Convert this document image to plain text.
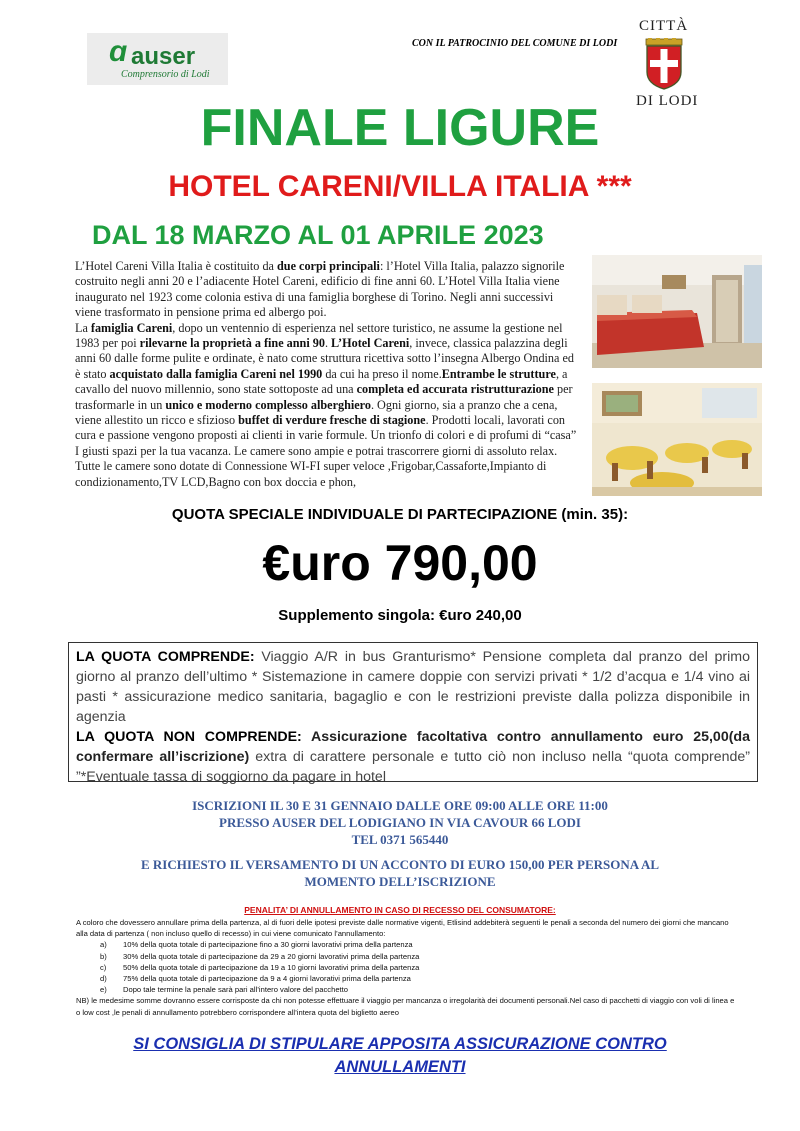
ɑ auser
Comprensorio di Lodi
CON IL PATROCINIO DEL COMUNE DI LODI
CITTÀ
DI LODI
FINALE LIGURE
HOTEL CARENI/VILLA ITALIA ***
DAL 18 MARZO AL 01 APRILE 2023

L’Hotel Careni Villa Italia è costituito da due corpi principali: l’Hotel Villa Italia, palazzo signorile costruito negli anni 20 e l’adiacente Hotel Careni, edificio di fine anni 60. L’Hotel Villa Italia viene inaugurato nel 1923 come colonia estiva di una famiglia borghese di Torino. Negli anni successivi viene trasformato in pensione prima ed albergo poi.

La famiglia Careni, dopo un ventennio di esperienza nel settore turistico, ne assume la gestione nel 1983 per poi rilevarne la proprietà a fine anni 90. L’Hotel Careni, invece, classica palazzina degli anni 60 dalle forme pulite e ordinate, è nato come struttura ricettiva sotto l’insegna Albergo Ondina ed è stato acquistato dalla famiglia Careni nel 1990 da cui ha preso il nome.Entrambe le strutture, a cavallo del nuovo millennio, sono state sottoposte ad una completa ed accurata ristrutturazione per trasformarle in un unico e moderno complesso alberghiero. Ogni giorno, sia a pranzo che a cena, viene allestito un ricco e sfizioso buffet di verdure fresche di stagione. Prodotti locali, lavorati con cura e passione vengono proposti ai clienti in varie formule. Un trionfo di colori e di profumi di “casa” I giusti spazi per la tua vacanza. Le camere sono ampie e potrai trascorrere giorni di assoluto relax. Tutte le camere sono dotate di Connessione WI-FI super veloce ,Frigobar,Cassaforte,Impianto di condizionamento,TV LCD,Bagno con box doccia e phon,

QUOTA SPECIALE INDIVIDUALE DI PARTECIPAZIONE (min. 35):
€uro 790,00
Supplemento singola: €uro 240,00

LA QUOTA COMPRENDE: Viaggio A/R in bus Granturismo* Pensione completa dal pranzo del primo giorno al pranzo dell’ultimo * Sistemazione in camere doppie con servizi privati * 1/2 d’acqua e 1/4 vino ai pasti * assicurazione medico sanitaria, bagaglio e con le restrizioni previste dalla polizza disponibile in agenzia

LA QUOTA NON COMPRENDE: Assicurazione facoltativa contro annullamento euro 25,00(da confermare all’iscrizione) extra di carattere personale e tutto ciò non incluso nella “quota comprende” ”*Eventuale tassa di soggiorno da pagare in hotel

ISCRIZIONI IL 30 E 31 GENNAIO DALLE ORE 09:00 ALLE ORE 11:00
PRESSO AUSER DEL LODIGIANO IN VIA CAVOUR 66 LODI
TEL 0371 565440
E RICHIESTO IL VERSAMENTO DI UN ACCONTO DI EURO 150,00 PER PERSONA AL
MOMENTO DELL’ISCRIZIONE
PENALITA’ DI ANNULLAMENTO IN CASO DI RECESSO DEL CONSUMATORE:

A coloro che dovessero annullare prima della partenza, al di fuori delle ipotesi previste dalle normative vigenti, Etlisind addebiterà seguenti le penali a seconda del numero dei giorni che mancano alla data di partenza ( non incluso quello di recesso) in cui viene comunicato l’annullamento:

a) 10% della quota totale di partecipazione fino a 30 giorni lavorativi prima della partenza
b) 30% della quota totale di partecipazione da 29 a 20 giorni lavorativi prima della partenza
c) 50% della quota totale di partecipazione da 19 a 10 giorni lavorativi prima della partenza
d) 75% della quota totale di partecipazione da 9 a 4 giorni lavorativi prima della partenza
e) Dopo tale termine la penale sarà pari all’intero valore del pacchetto

NB) le medesime somme dovranno essere corrisposte da chi non potesse effettuare il viaggio per mancanza o irregolarità dei documenti personali.Nel caso di pacchetti di viaggio con voli di linea e o low cost ,le penali di annullamento potrebbero corrispondere all’intera quota del biglietto aereo

SI CONSIGLIA DI STIPULARE APPOSITA ASSICURAZIONE CONTRO
ANNULLAMENTI
